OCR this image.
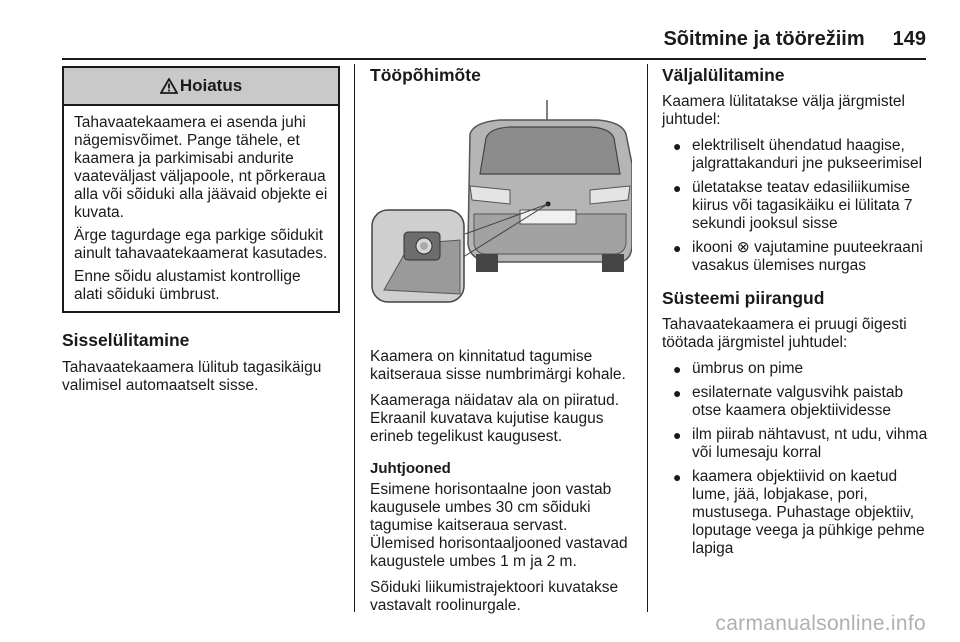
Sõitmine ja töörežiim 149
Hoiatus

Tahavaatekaamera ei asenda juhi nägemisvõimet. Pange tähele, et kaamera ja parkimisabi andurite vaateväljast väljapoole, nt põrkeraua alla või sõiduki alla jäävaid objekte ei kuvata.

Ärge tagurdage ega parkige sõidukit ainult tahavaatekaamerat kasutades.

Enne sõidu alustamist kontrollige alati sõiduki ümbrust.

Sisselülitamine

Tahavaatekaamera lülitub tagasikäigu valimisel automaatselt sisse.

Tööpõhimõte

Kaamera on kinnitatud tagumise kaitseraua sisse numbrimärgi kohale.

Kaameraga näidatav ala on piiratud. Ekraanil kuvatava kujutise kaugus erineb tegelikust kaugusest.

Juhtjooned

Esimene horisontaalne joon vastab kaugusele umbes 30 cm sõiduki tagumise kaitseraua servast. Ülemised horisontaaljooned vastavad kaugustele umbes 1 m ja 2 m.

Sõiduki liikumistrajektoori kuvatakse vastavalt roolinurgale.

Väljalülitamine

Kaamera lülitatakse välja järgmistel juhtudel:

● elektriliselt ühendatud haagise, jalgrattakanduri jne pukseerimisel
● ületatakse teatav edasiliikumise kiirus või tagasikäiku ei lülitata 7 sekundi jooksul sisse
● ikooni ⊗ vajutamine puuteekraani vasakus ülemises nurgas
Süsteemi piirangud

Tahavaatekaamera ei pruugi õigesti töötada järgmistel juhtudel:

● ümbrus on pime
● esilaternate valgusvihk paistab otse kaamera objektiividesse
● ilm piirab nähtavust, nt udu, vihma või lumesaju korral
● kaamera objektiivid on kaetud lume, jää, lobjakase, pori, mustusega. Puhastage objektiiv, loputage veega ja pühkige pehme lapiga
carmanualsonline.info
